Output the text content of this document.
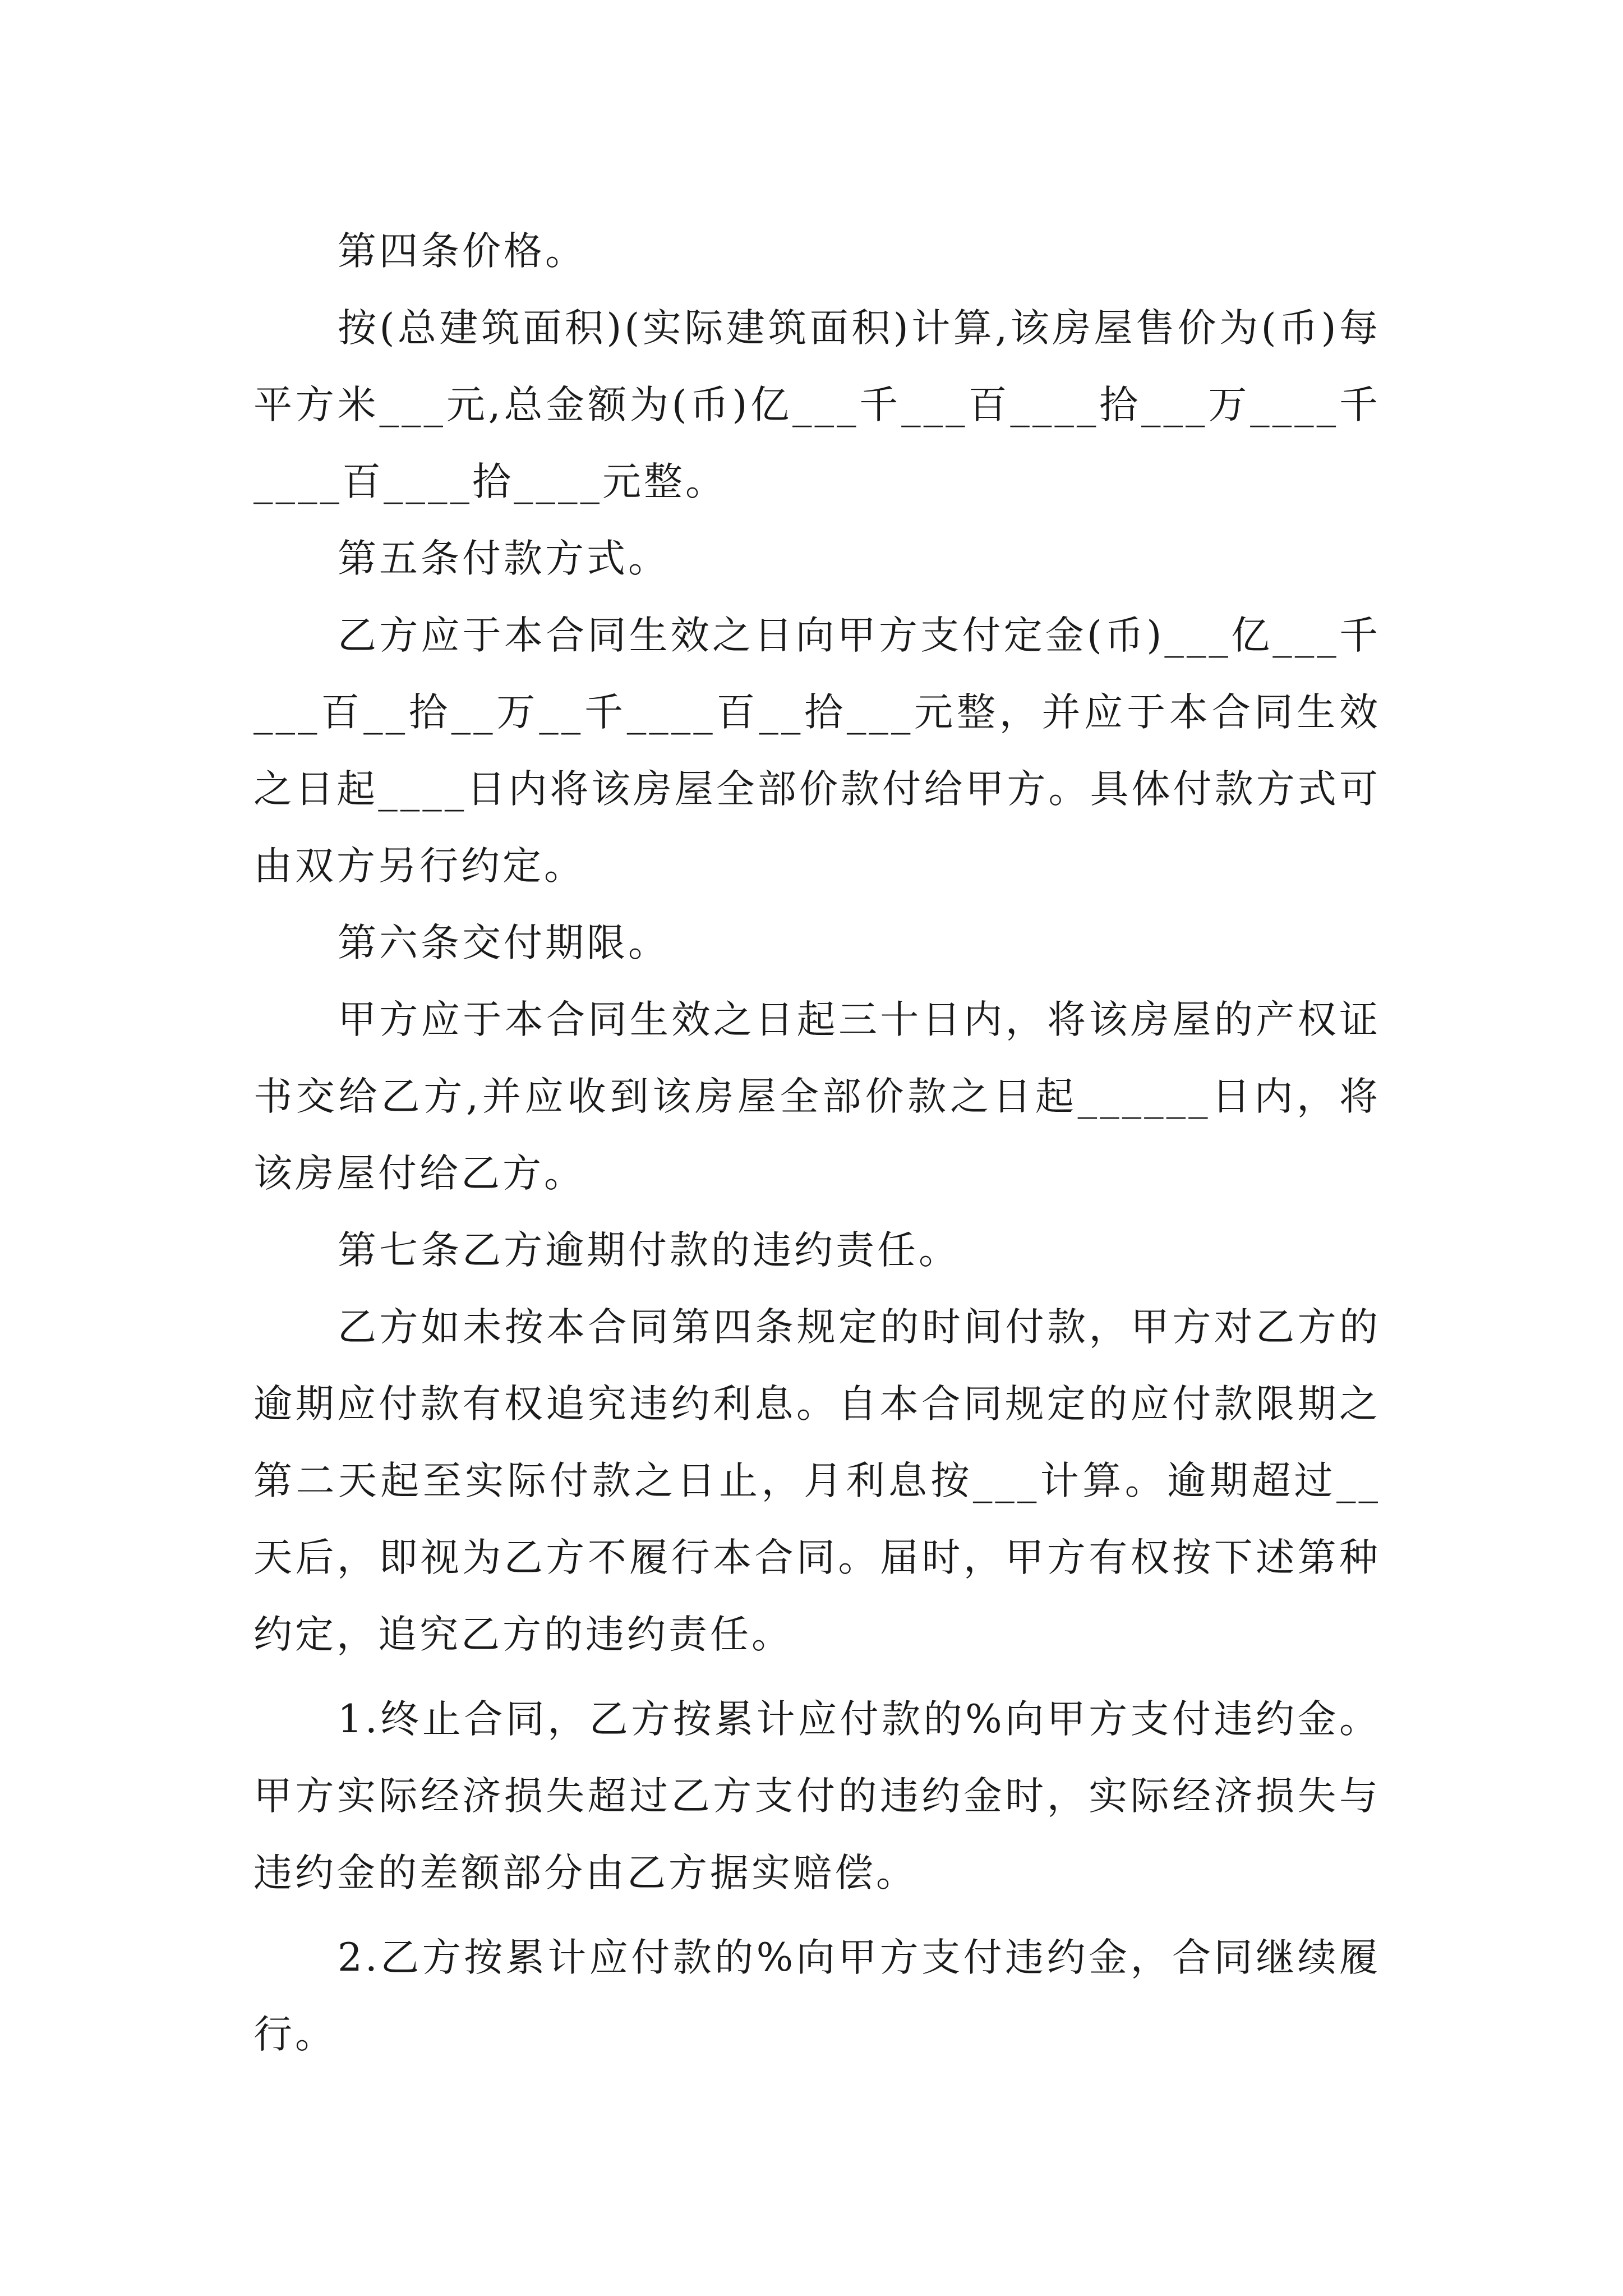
第四条价格。

按(总建筑面积)(实际建筑面积)计算,该房屋售价为(币)每平方米___元,总金额为(币)亿___千___百____拾___万____千____百____拾____元整。

第五条付款方式。

乙方应于本合同生效之日向甲方支付定金(币)___亿___千___百__拾__万__千____百__拾___元整，并应于本合同生效之日起____日内将该房屋全部价款付给甲方。具体付款方式可由双方另行约定。

第六条交付期限。

甲方应于本合同生效之日起三十日内，将该房屋的产权证书交给乙方,并应收到该房屋全部价款之日起______日内，将该房屋付给乙方。

第七条乙方逾期付款的违约责任。

乙方如未按本合同第四条规定的时间付款，甲方对乙方的逾期应付款有权追究违约利息。自本合同规定的应付款限期之第二天起至实际付款之日止，月利息按___计算。逾期超过__天后，即视为乙方不履行本合同。届时，甲方有权按下述第种约定，追究乙方的违约责任。

1.终止合同，乙方按累计应付款的%向甲方支付违约金。甲方实际经济损失超过乙方支付的违约金时，实际经济损失与违约金的差额部分由乙方据实赔偿。

2.乙方按累计应付款的%向甲方支付违约金，合同继续履行。
